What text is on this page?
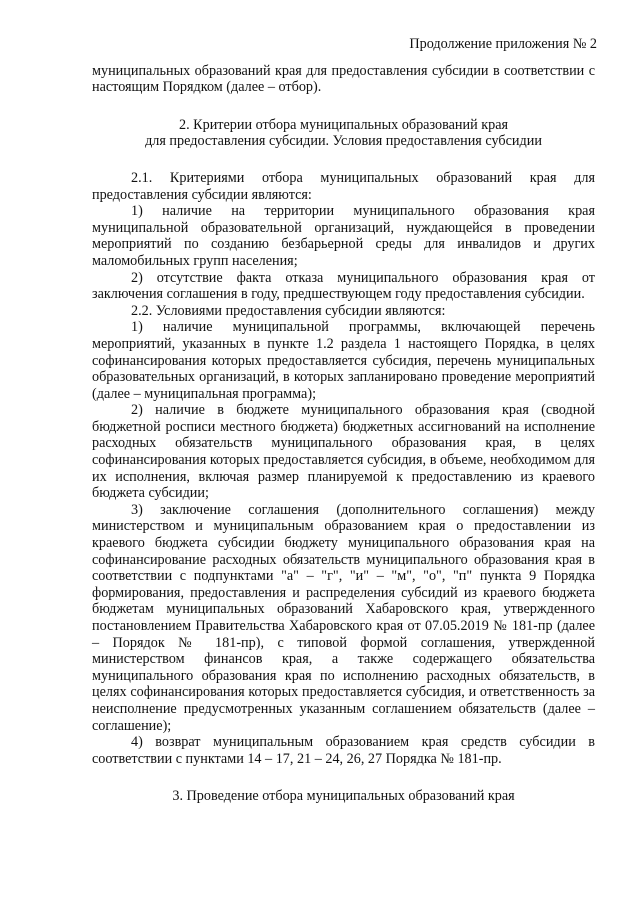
Продолжение приложения № 2
муниципальных образований края для предоставления субсидии в соответствии с настоящим Порядком (далее – отбор).
2. Критерии отбора муниципальных образований края
для предоставления субсидии. Условия предоставления субсидии
2.1. Критериями отбора муниципальных образований края для предоставления субсидии являются:
1) наличие на территории муниципального образования края муниципальной образовательной организаций, нуждающейся в проведении мероприятий по созданию безбарьерной среды для инвалидов и других маломобильных групп населения;
2) отсутствие факта отказа муниципального образования края от заключения соглашения в году, предшествующем году предоставления субсидии.
2.2. Условиями предоставления субсидии являются:
1) наличие муниципальной программы, включающей перечень мероприятий, указанных в пункте 1.2 раздела 1 настоящего Порядка, в целях софинансирования которых предоставляется субсидия, перечень муниципальных образовательных организаций, в которых запланировано проведение мероприятий (далее – муниципальная программа);
2) наличие в бюджете муниципального образования края (сводной бюджетной росписи местного бюджета) бюджетных ассигнований на исполнение расходных обязательств муниципального образования края, в целях софинансирования которых предоставляется субсидия, в объеме, необходимом для их исполнения, включая размер планируемой к предоставлению из краевого бюджета субсидии;
3) заключение соглашения (дополнительного соглашения) между министерством и муниципальным образованием края о предоставлении из краевого бюджета субсидии бюджету муниципального образования края на софинансирование расходных обязательств муниципального образования края в соответствии с подпунктами "а" – "г", "и" – "м", "о", "п" пункта 9 Порядка формирования, предоставления и распределения субсидий из краевого бюджета бюджетам муниципальных образований Хабаровского края, утвержденного постановлением Правительства Хабаровского края от 07.05.2019 № 181-пр (далее – Порядок № 181-пр), с типовой формой соглашения, утвержденной министерством финансов края, а также содержащего обязательства муниципального образования края по исполнению расходных обязательств, в целях софинансирования которых предоставляется субсидия, и ответственность за неисполнение предусмотренных указанным соглашением обязательств (далее – соглашение);
4) возврат муниципальным образованием края средств субсидии в соответствии с пунктами 14 – 17, 21 – 24, 26, 27 Порядка № 181-пр.
3. Проведение отбора муниципальных образований края
